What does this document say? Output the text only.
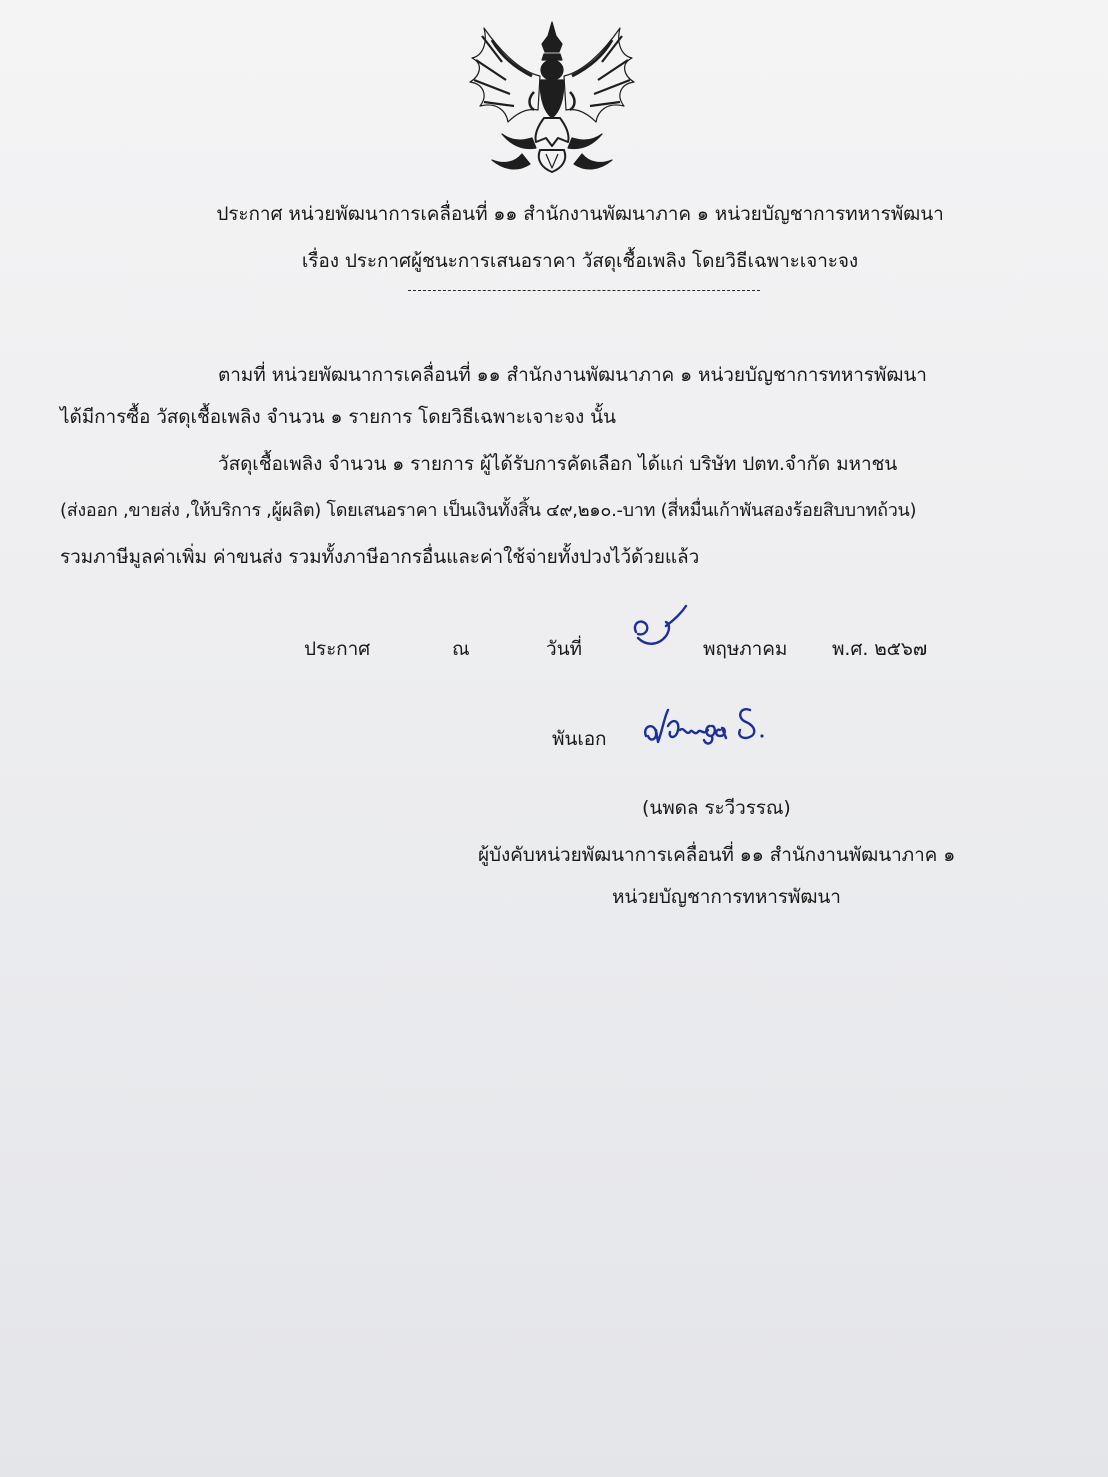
ประกาศ หน่วยพัฒนาการเคลื่อนที่ ๑๑ สำนักงานพัฒนาภาค ๑ หน่วยบัญชาการทหารพัฒนา
เรื่อง ประกาศผู้ชนะการเสนอราคา วัสดุเชื้อเพลิง โดยวิธีเฉพาะเจาะจง
ตามที่ หน่วยพัฒนาการเคลื่อนที่ ๑๑ สำนักงานพัฒนาภาค ๑ หน่วยบัญชาการทหารพัฒนา
ได้มีการซื้อ วัสดุเชื้อเพลิง จำนวน ๑ รายการ โดยวิธีเฉพาะเจาะจง นั้น
วัสดุเชื้อเพลิง จำนวน ๑ รายการ ผู้ได้รับการคัดเลือก ได้แก่ บริษัท ปตท.จำกัด มหาชน
(ส่งออก ,ขายส่ง ,ให้บริการ ,ผู้ผลิต) โดยเสนอราคา เป็นเงินทั้งสิ้น ๔๙,๒๑๐.-บาท (สี่หมื่นเก้าพันสองร้อยสิบบาทถ้วน)
รวมภาษีมูลค่าเพิ่ม ค่าขนส่ง รวมทั้งภาษีอากรอื่นและค่าใช้จ่ายทั้งปวงไว้ด้วยแล้ว
ประกาศ	ณ	วันที่	พฤษภาคม พ.ศ. ๒๕๖๗
พันเอก
(นพดล ระวีวรรณ)
ผู้บังคับหน่วยพัฒนาการเคลื่อนที่ ๑๑ สำนักงานพัฒนาภาค ๑
หน่วยบัญชาการทหารพัฒนา
